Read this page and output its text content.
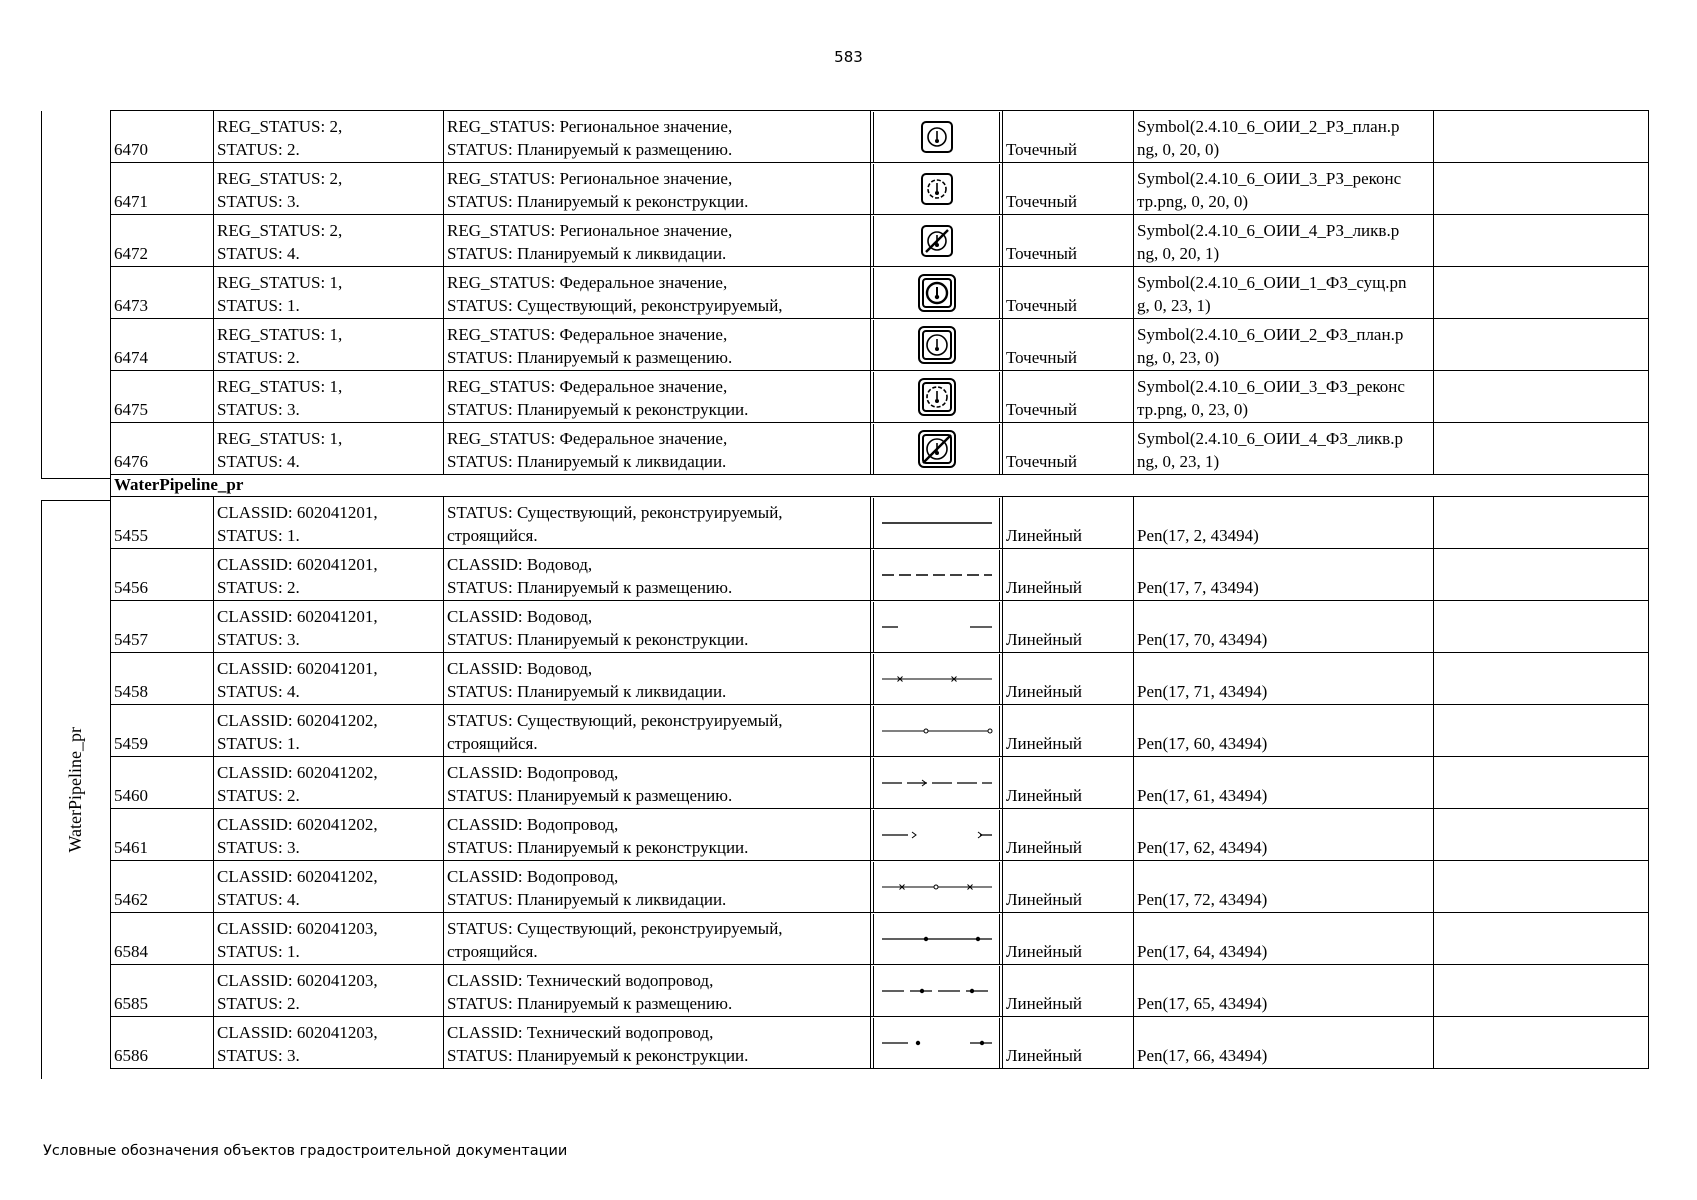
583
WaterPipeline_pr
6470	REG_STATUS: 2,
STATUS: 2.	REG_STATUS: Региональное значение,
STATUS: Планируемый к размещению.		Точечный	Symbol(2.4.10_6_ОИИ_2_РЗ_план.p
ng, 0, 20, 0)	

6471	REG_STATUS: 2,
STATUS: 3.	REG_STATUS: Региональное значение,
STATUS: Планируемый к реконструкции.		Точечный	Symbol(2.4.10_6_ОИИ_3_РЗ_реконс
тр.png, 0, 20, 0)	

6472	REG_STATUS: 2,
STATUS: 4.	REG_STATUS: Региональное значение,
STATUS: Планируемый к ликвидации.		Точечный	Symbol(2.4.10_6_ОИИ_4_РЗ_ликв.p
ng, 0, 20, 1)	

6473	REG_STATUS: 1,
STATUS: 1.	REG_STATUS: Федеральное значение,
STATUS: Существующий, реконструируемый,		Точечный	Symbol(2.4.10_6_ОИИ_1_ФЗ_сущ.pn
g, 0, 23, 1)	

6474	REG_STATUS: 1,
STATUS: 2.	REG_STATUS: Федеральное значение,
STATUS: Планируемый к размещению.		Точечный	Symbol(2.4.10_6_ОИИ_2_ФЗ_план.p
ng, 0, 23, 0)	

6475	REG_STATUS: 1,
STATUS: 3.	REG_STATUS: Федеральное значение,
STATUS: Планируемый к реконструкции.		Точечный	Symbol(2.4.10_6_ОИИ_3_ФЗ_реконс
тр.png, 0, 23, 0)	

6476	REG_STATUS: 1,
STATUS: 4.	REG_STATUS: Федеральное значение,
STATUS: Планируемый к ликвидации.		Точечный	Symbol(2.4.10_6_ОИИ_4_ФЗ_ликв.p
ng, 0, 23, 1)	

WaterPipeline_pr						
5455	CLASSID: 602041201,
STATUS: 1.	STATUS: Существующий, реконструируемый,
строящийся.		Линейный	Pen(17, 2, 43494)	

5456	CLASSID: 602041201,
STATUS: 2.	CLASSID: Водовод,
STATUS: Планируемый к размещению.		Линейный	Pen(17, 7, 43494)	

5457	CLASSID: 602041201,
STATUS: 3.	CLASSID: Водовод,
STATUS: Планируемый к реконструкции.		Линейный	Pen(17, 70, 43494)	

5458	CLASSID: 602041201,
STATUS: 4.	CLASSID: Водовод,
STATUS: Планируемый к ликвидации.		Линейный	Pen(17, 71, 43494)	

5459	CLASSID: 602041202,
STATUS: 1.	STATUS: Существующий, реконструируемый,
строящийся.		Линейный	Pen(17, 60, 43494)	

5460	CLASSID: 602041202,
STATUS: 2.	CLASSID: Водопровод,
STATUS: Планируемый к размещению.		Линейный	Pen(17, 61, 43494)	

5461	CLASSID: 602041202,
STATUS: 3.	CLASSID: Водопровод,
STATUS: Планируемый к реконструкции.		Линейный	Pen(17, 62, 43494)	

5462	CLASSID: 602041202,
STATUS: 4.	CLASSID: Водопровод,
STATUS: Планируемый к ликвидации.		Линейный	Pen(17, 72, 43494)	

6584	CLASSID: 602041203,
STATUS: 1.	STATUS: Существующий, реконструируемый,
строящийся.		Линейный	Pen(17, 64, 43494)	

6585	CLASSID: 602041203,
STATUS: 2.	CLASSID: Технический водопровод,
STATUS: Планируемый к размещению.		Линейный	Pen(17, 65, 43494)	

6586	CLASSID: 602041203,
STATUS: 3.	CLASSID: Технический водопровод,
STATUS: Планируемый к реконструкции.		Линейный	Pen(17, 66, 43494)	

Условные обозначения объектов градостроительной документации
